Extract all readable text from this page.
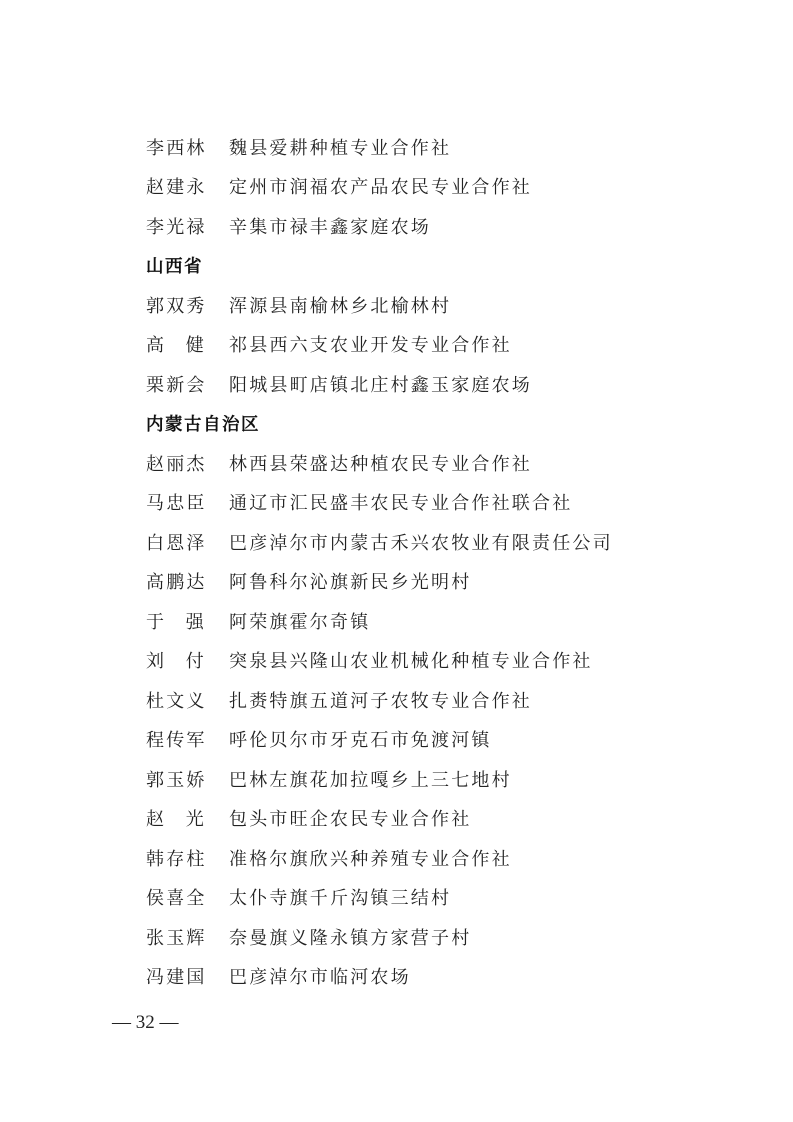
李西林 魏县爱耕种植专业合作社
赵建永 定州市润福农产品农民专业合作社
李光禄 辛集市禄丰鑫家庭农场
山西省
郭双秀 浑源县南榆林乡北榆林村
高健 祁县西六支农业开发专业合作社
栗新会 阳城县町店镇北庄村鑫玉家庭农场
内蒙古自治区
赵丽杰 林西县荣盛达种植农民专业合作社
马忠臣 通辽市汇民盛丰农民专业合作社联合社
白恩泽 巴彦淖尔市内蒙古禾兴农牧业有限责任公司
高鹏达 阿鲁科尔沁旗新民乡光明村
于强 阿荣旗霍尔奇镇
刘付 突泉县兴隆山农业机械化种植专业合作社
杜文义 扎赉特旗五道河子农牧专业合作社
程传军 呼伦贝尔市牙克石市免渡河镇
郭玉娇 巴林左旗花加拉嘎乡上三七地村
赵光 包头市旺企农民专业合作社
韩存柱 准格尔旗欣兴种养殖专业合作社
侯喜全 太仆寺旗千斤沟镇三结村
张玉辉 奈曼旗义隆永镇方家营子村
冯建国 巴彦淖尔市临河农场
— 32 —
